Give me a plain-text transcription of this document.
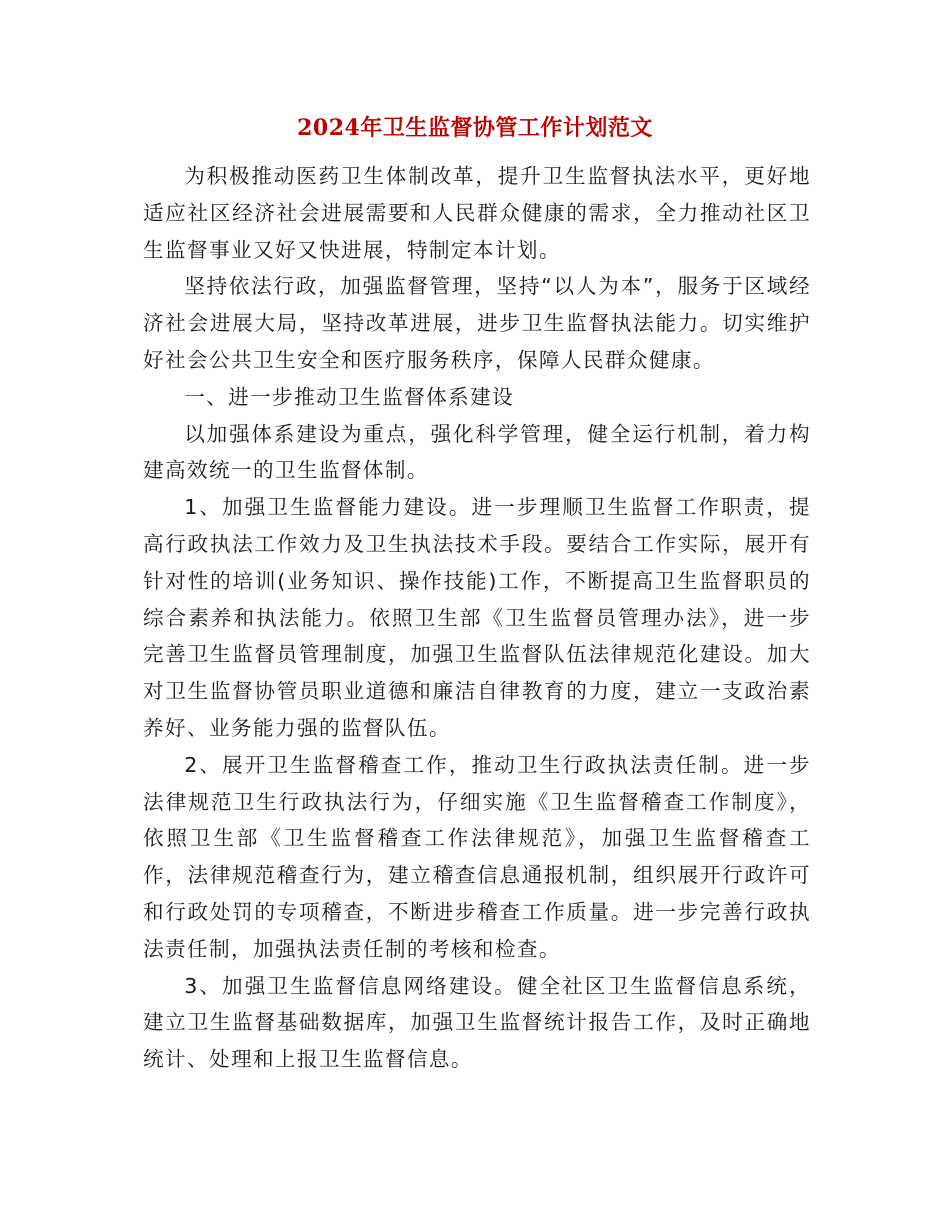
2024年卫生监督协管工作计划范文

为积极推动医药卫生体制改革，提升卫生监督执法水平，更好地适应社区经济社会进展需要和人民群众健康的需求，全力推动社区卫生监督事业又好又快进展，特制定本计划。

坚持依法行政，加强监督管理，坚持“以人为本”，服务于区域经济社会进展大局，坚持改革进展，进步卫生监督执法能力。切实维护好社会公共卫生安全和医疗服务秩序，保障人民群众健康。

一、进一步推动卫生监督体系建设

以加强体系建设为重点，强化科学管理，健全运行机制，着力构建高效统一的卫生监督体制。

1、加强卫生监督能力建设。进一步理顺卫生监督工作职责，提高行政执法工作效力及卫生执法技术手段。要结合工作实际，展开有针对性的培训(业务知识、操作技能)工作，不断提高卫生监督职员的综合素养和执法能力。依照卫生部《卫生监督员管理办法》，进一步完善卫生监督员管理制度，加强卫生监督队伍法律规范化建设。加大对卫生监督协管员职业道德和廉洁自律教育的力度，建立一支政治素养好、业务能力强的监督队伍。

2、展开卫生监督稽查工作，推动卫生行政执法责任制。进一步法律规范卫生行政执法行为，仔细实施《卫生监督稽查工作制度》，依照卫生部《卫生监督稽查工作法律规范》，加强卫生监督稽查工作，法律规范稽查行为，建立稽查信息通报机制，组织展开行政许可和行政处罚的专项稽查，不断进步稽查工作质量。进一步完善行政执法责任制，加强执法责任制的考核和检查。

3、加强卫生监督信息网络建设。健全社区卫生监督信息系统，建立卫生监督基础数据库，加强卫生监督统计报告工作，及时正确地统计、处理和上报卫生监督信息。
